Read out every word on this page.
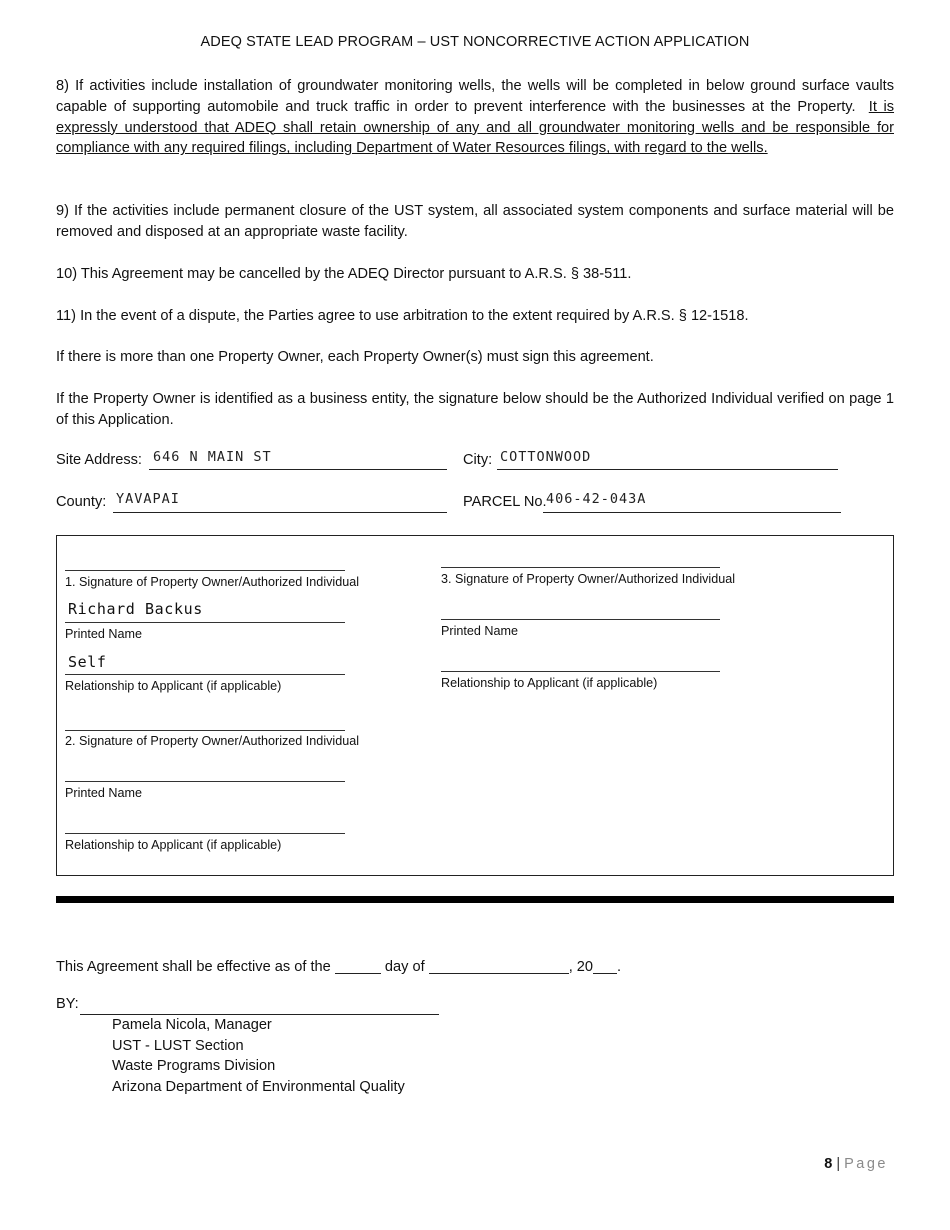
ADEQ STATE LEAD PROGRAM – UST NONCORRECTIVE ACTION APPLICATION
8) If activities include installation of groundwater monitoring wells, the wells will be completed in below ground surface vaults capable of supporting automobile and truck traffic in order to prevent interference with the businesses at the Property. It is expressly understood that ADEQ shall retain ownership of any and all groundwater monitoring wells and be responsible for compliance with any required filings, including Department of Water Resources filings, with regard to the wells.
9) If the activities include permanent closure of the UST system, all associated system components and surface material will be removed and disposed at an appropriate waste facility.
10) This Agreement may be cancelled by the ADEQ Director pursuant to A.R.S. § 38-511.
11) In the event of a dispute, the Parties agree to use arbitration to the extent required by A.R.S. § 12-1518.
If there is more than one Property Owner, each Property Owner(s) must sign this agreement.
If the Property Owner is identified as a business entity, the signature below should be the Authorized Individual verified on page 1 of this Application.
Site Address: 646 N MAIN ST	City: COTTONWOOD
County: YAVAPAI	PARCEL No. 406-42-043A
1. Signature of Property Owner/Authorized Individual
Richard Backus
Printed Name
Self
Relationship to Applicant (if applicable)
2. Signature of Property Owner/Authorized Individual
Printed Name
Relationship to Applicant (if applicable)
3. Signature of Property Owner/Authorized Individual
Printed Name
Relationship to Applicant (if applicable)
This Agreement shall be effective as of the	day of	, 20 .
BY:
Pamela Nicola, Manager
UST - LUST Section
Waste Programs Division
Arizona Department of Environmental Quality
8 | Page
